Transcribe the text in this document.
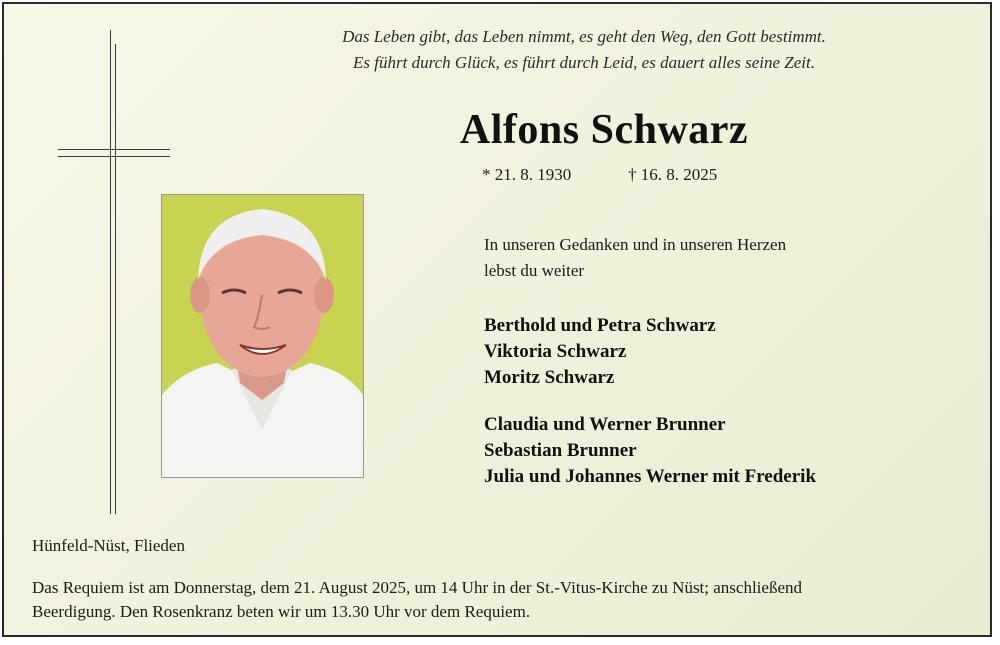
Das Leben gibt, das Leben nimmt, es geht den Weg, den Gott bestimmt.
Es führt durch Glück, es führt durch Leid, es dauert alles seine Zeit.
Alfons Schwarz
* 21. 8. 1930	† 16. 8. 2025
In unseren Gedanken und in unseren Herzen
lebst du weiter
Berthold und Petra Schwarz
Viktoria Schwarz
Moritz Schwarz
Claudia und Werner Brunner
Sebastian Brunner
Julia und Johannes Werner mit Frederik
Hünfeld-Nüst, Flieden
Das Requiem ist am Donnerstag, dem 21. August 2025, um 14 Uhr in der St.-Vitus-Kirche zu Nüst; anschließend
Beerdigung. Den Rosenkranz beten wir um 13.30 Uhr vor dem Requiem.
